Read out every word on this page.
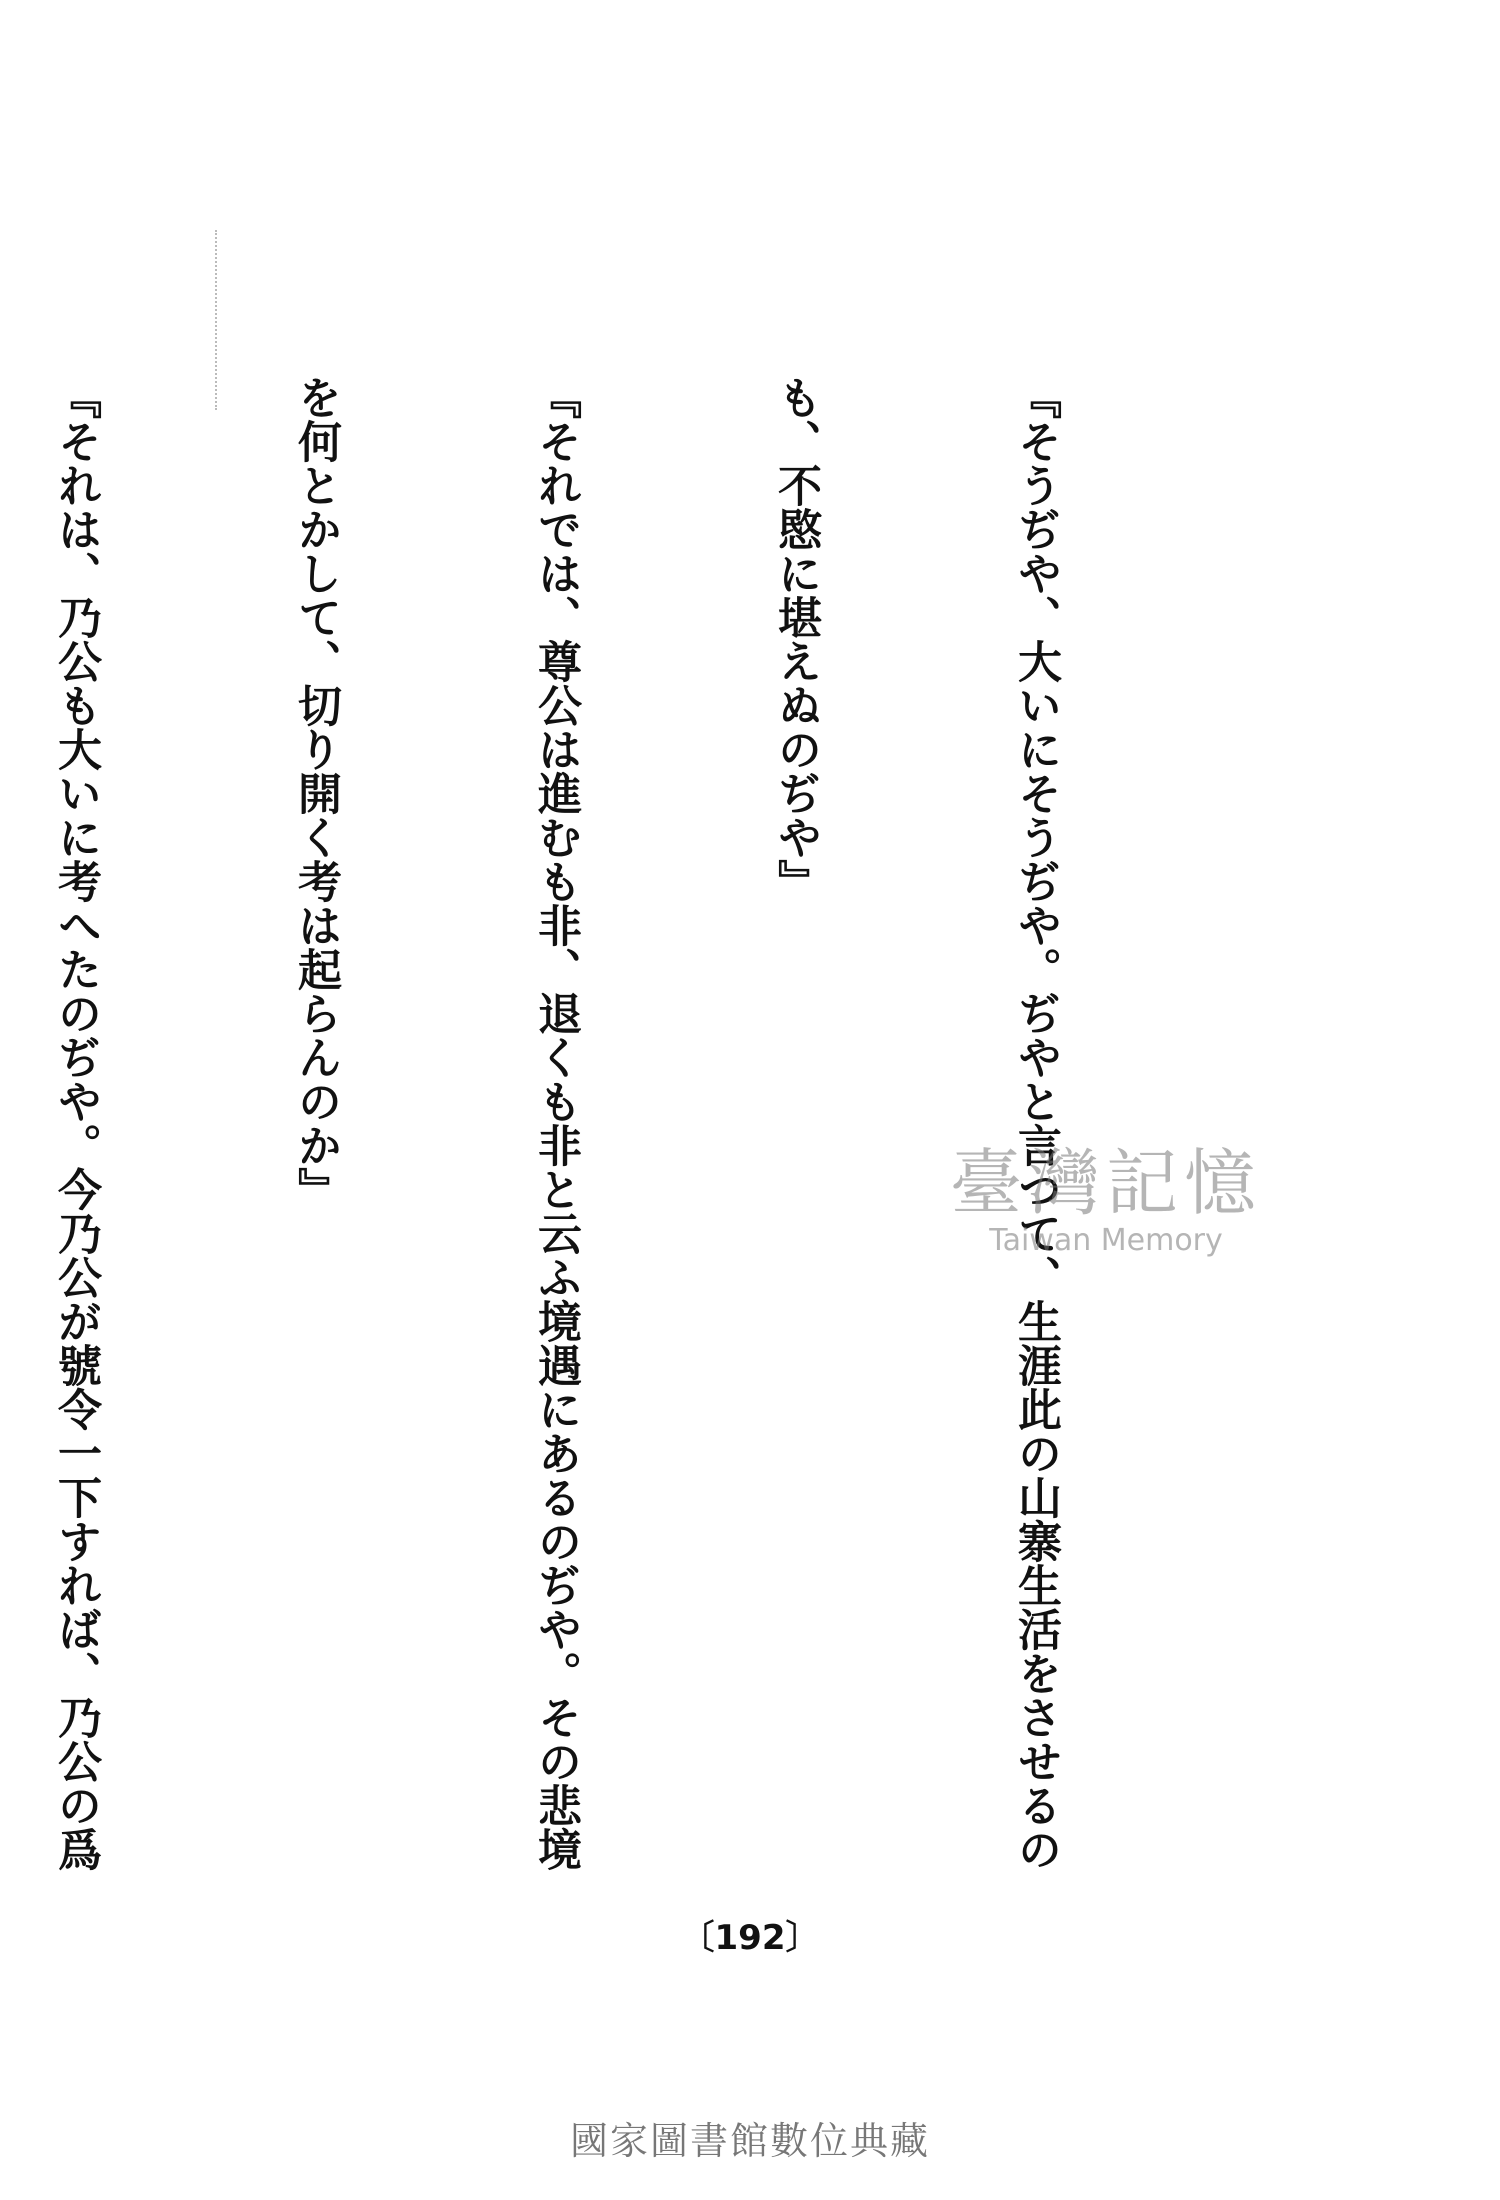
『そうぢや、大いにそうぢや。ぢやと言つて、生涯此の山寨生活をさせるの

も、不愍に堪えぬのぢや』

『それでは、尊公は進むも非、退くも非と云ふ境遇にあるのぢや。その悲境

を何とかして、切り開く考は起らんのか』

『それは、乃公も大いに考へたのぢや。今乃公が號令一下すれば、乃公の爲

	臺灣記憶
Taiwan Memory
〔192〕
國家圖書館數位典藏
